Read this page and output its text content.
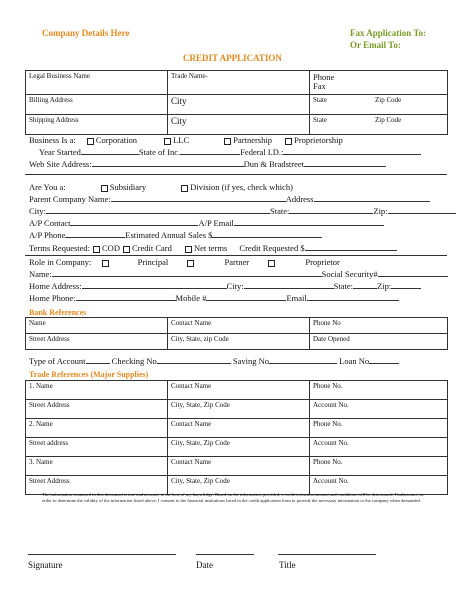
Company Details Here	Fax Application To:
Or Email To:
CREDIT APPLICATION
Legal Business Name	Trade Name-	Phone
Fax

Billing Address	City	State Zip Code
Shipping Address	City	State Zip Code
Business Is a: Corporation	LLC	Partnership	Proprietorship
Year Started	State of Inc.	Federal I.D.:
Web Site Address:	Dun & Bradstreet
Are You a:	Subsidiary	Division (if yes, check which)
Parent Company Name:	Address
City:	State:	Zip:
A/P Contact	A/P Email
A/P Phone	Estimated Annual Sales $
Terms Requested: COD Credit Card	Net terms Credit Requested $
Role in Company:	Principal	Partner	Proprietor
Name:	Social Security#
Home Address:	City:	State:	Zip:
Home Phone:	Mobile #	Email
Bank References
Name	Contact Name	Phone No
Street Address	City, State, zip Code	Date Opened
Type of Account	Checking No	Saving No	Loan No
Trade References (Major Supplies)
1. Name	Contact Name	Phone No.
Street Address	City, State, Zip Code	Account No.
2. Name	Contact Name	Phone No.
Street address	City, State, Zip Code	Account No.
3. Name	Contact Name	Phone No.
Street Address	City, State, Zip Code	Account No.
The information contained in this document is true and accurate to the best of my knowledge. Based on the information provided, a credit extension amount and conditions will be determined. Furthermore, in order to determine the validity of the information listed above, I consent to the financial institutions listed in the credit application form to provide the necessary information to the company when demanded.
Signature	Date	Title
